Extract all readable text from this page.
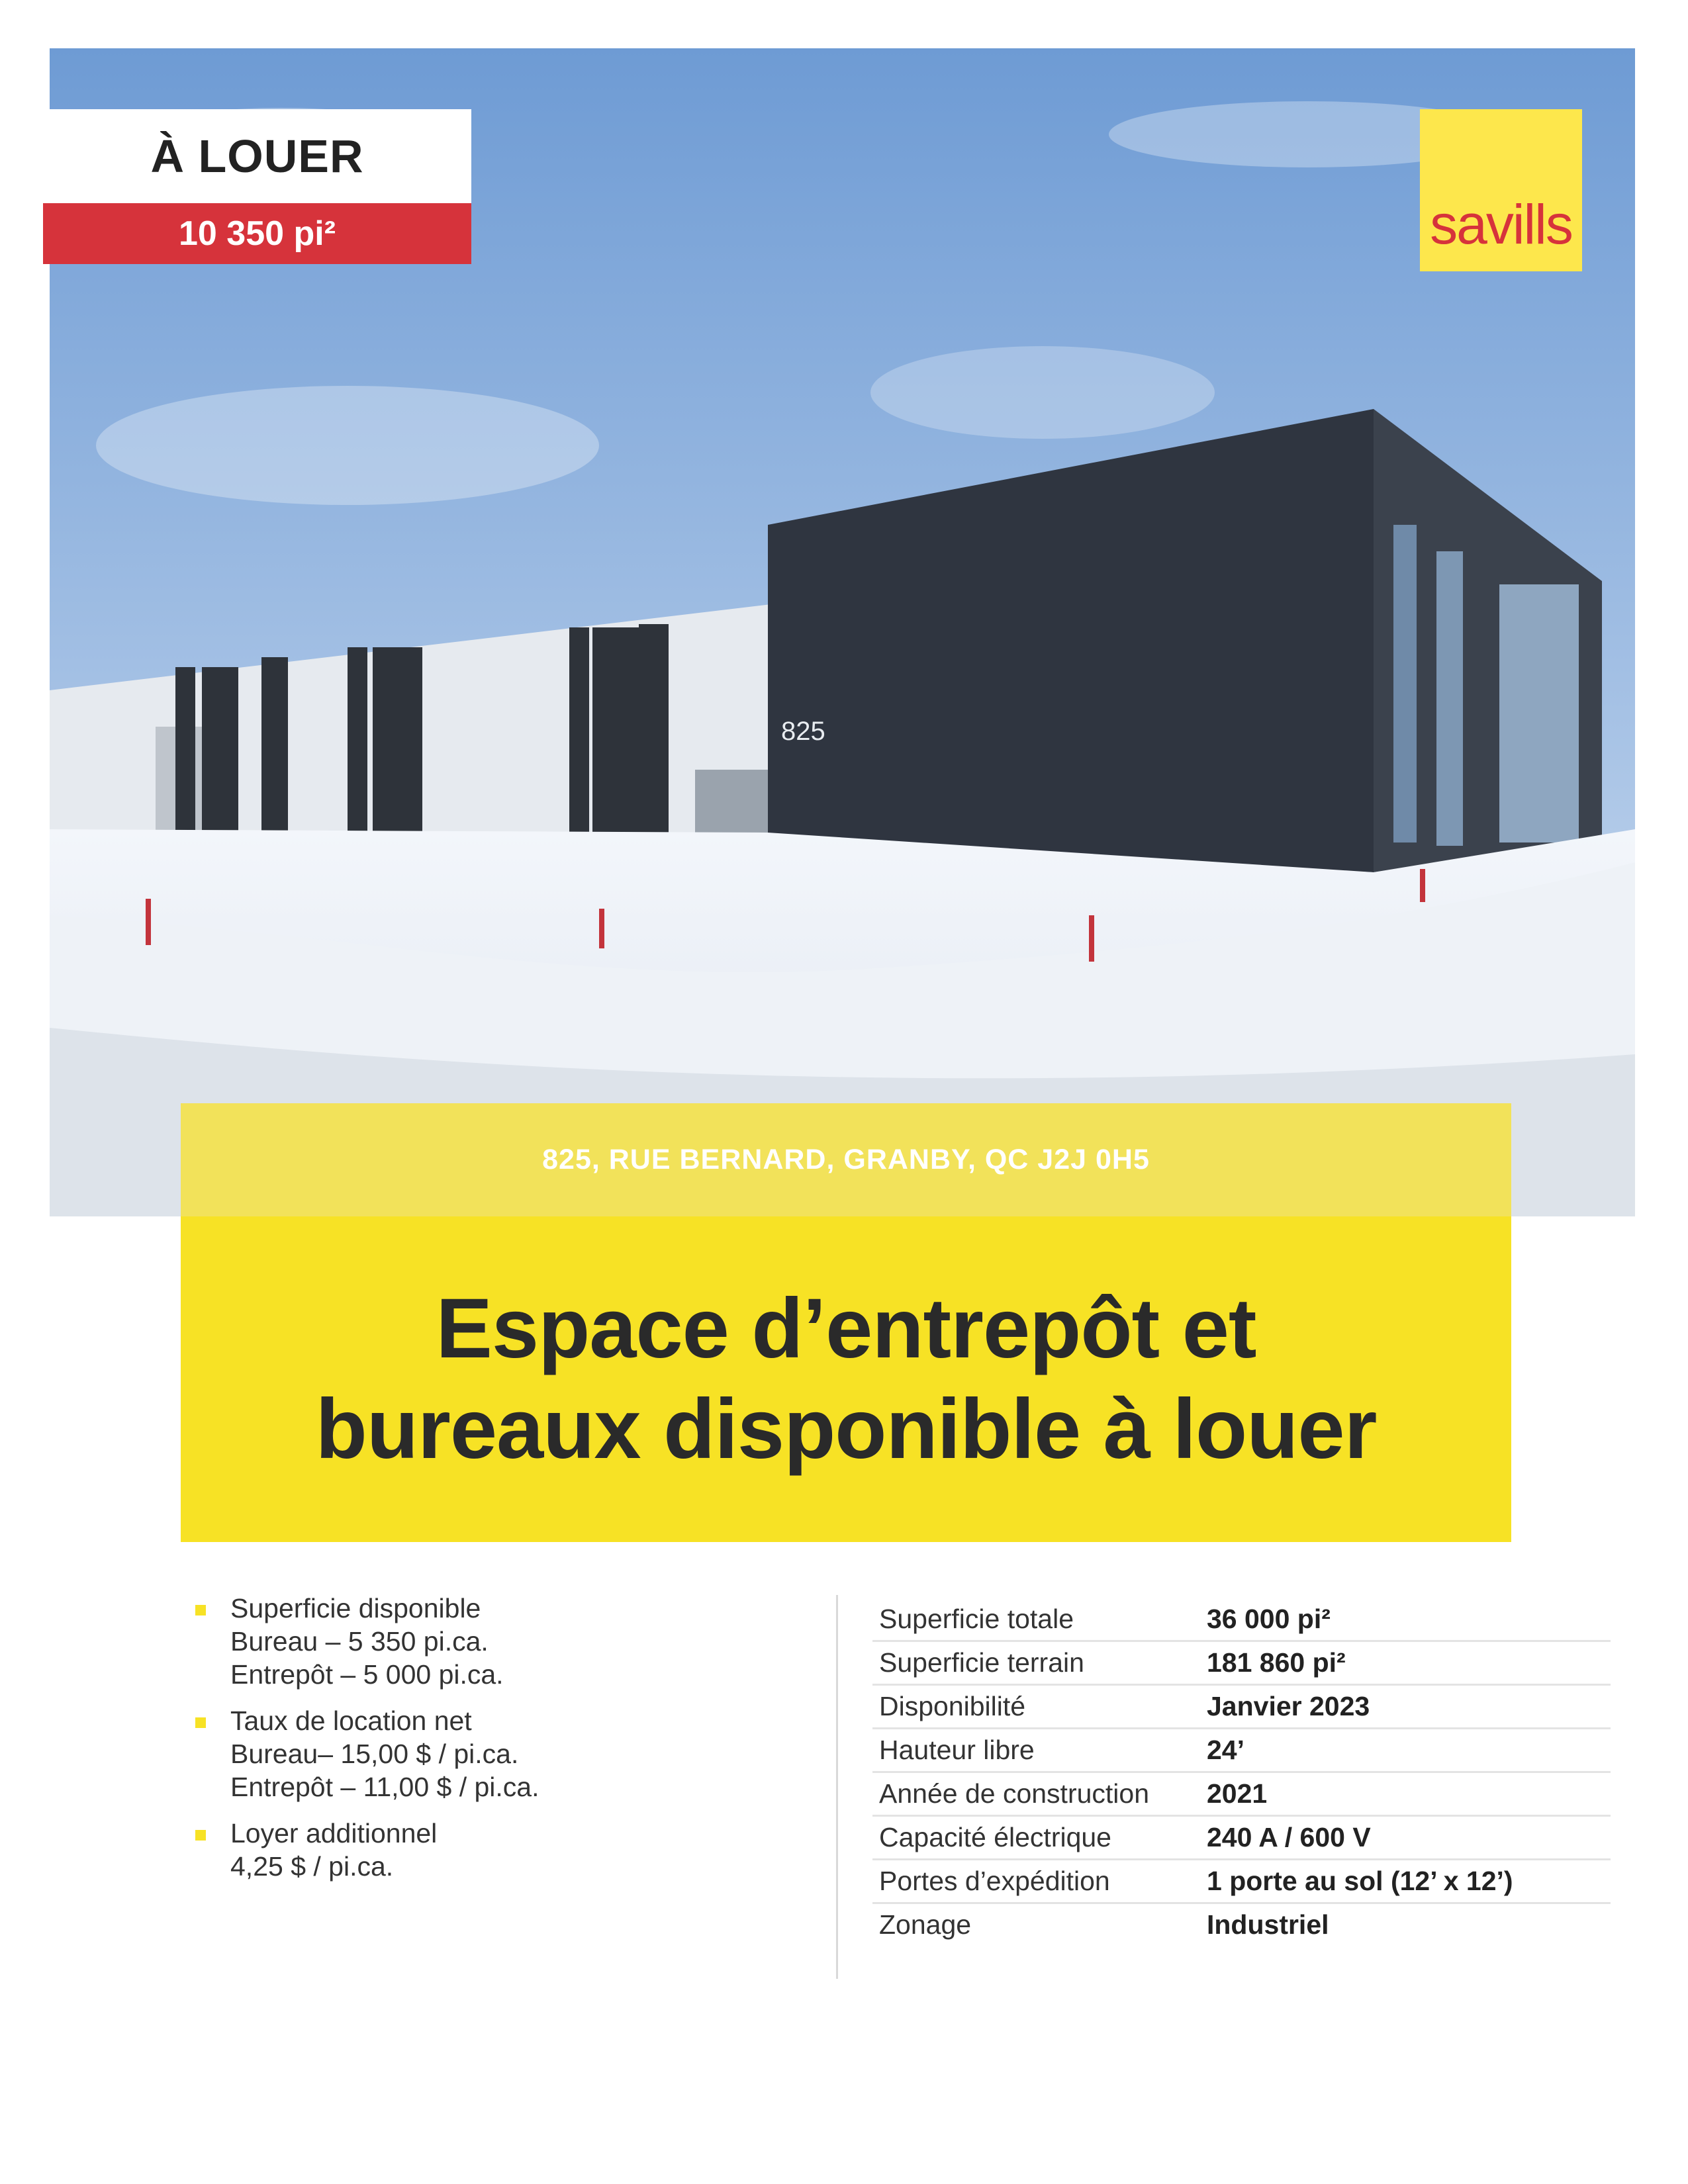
825
À LOUER
10 350 pi²	savills
825, RUE BERNARD, GRANBY, QC J2J 0H5
Espace d’entrepôt et
bureaux disponible à louer
Superficie disponible
Bureau – 5 350 pi.ca.
Entrepôt – 5 000 pi.ca.
Taux de location net
Bureau– 15,00 $ / pi.ca.
Entrepôt – 11,00 $ / pi.ca.
Loyer additionnel
4,25 $ / pi.ca.
Superficie totale	36 000 pi²
Superficie terrain	181 860 pi²
Disponibilité	Janvier 2023
Hauteur libre	24’
Année de construction	2021
Capacité électrique	240 A / 600 V
Portes d’expédition	1 porte au sol (12’ x 12’)
Zonage	Industriel
